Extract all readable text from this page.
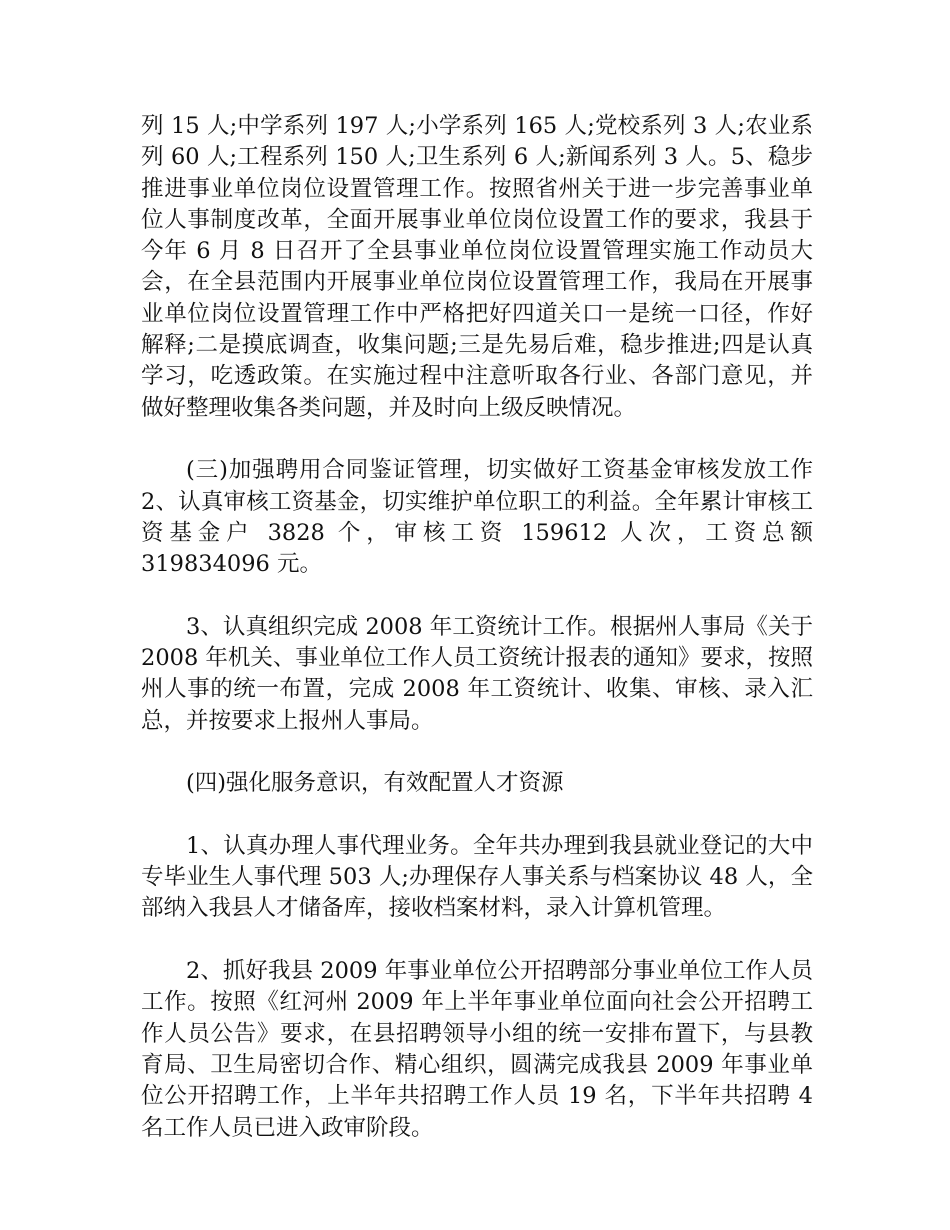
列 15 人;中学系列 197 人;小学系列 165 人;党校系列 3 人;农业系列 60 人;工程系列 150 人;卫生系列 6 人;新闻系列 3 人。5、稳步推进事业单位岗位设置管理工作。按照省州关于进一步完善事业单位人事制度改革，全面开展事业单位岗位设置工作的要求，我县于今年 6 月 8 日召开了全县事业单位岗位设置管理实施工作动员大会，在全县范围内开展事业单位岗位设置管理工作，我局在开展事业单位岗位设置管理工作中严格把好四道关口一是统一口径，作好解释;二是摸底调查，收集问题;三是先易后难，稳步推进;四是认真学习，吃透政策。在实施过程中注意听取各行业、各部门意见，并做好整理收集各类问题，并及时向上级反映情况。

(三)加强聘用合同鉴证管理，切实做好工资基金审核发放工作 2、认真审核工资基金，切实维护单位职工的利益。全年累计审核工资基金户 3828 个，审核工资 159612 人次，工资总额 319834096 元。

3、认真组织完成 2008 年工资统计工作。根据州人事局《关于 2008 年机关、事业单位工作人员工资统计报表的通知》要求，按照州人事的统一布置，完成 2008 年工资统计、收集、审核、录入汇总，并按要求上报州人事局。

(四)强化服务意识，有效配置人才资源

1、认真办理人事代理业务。全年共办理到我县就业登记的大中专毕业生人事代理 503 人;办理保存人事关系与档案协议 48 人，全部纳入我县人才储备库，接收档案材料，录入计算机管理。

2、抓好我县 2009 年事业单位公开招聘部分事业单位工作人员工作。按照《红河州 2009 年上半年事业单位面向社会公开招聘工作人员公告》要求，在县招聘领导小组的统一安排布置下，与县教育局、卫生局密切合作、精心组织，圆满完成我县 2009 年事业单位公开招聘工作，上半年共招聘工作人员 19 名，下半年共招聘 4 名工作人员已进入政审阶段。
